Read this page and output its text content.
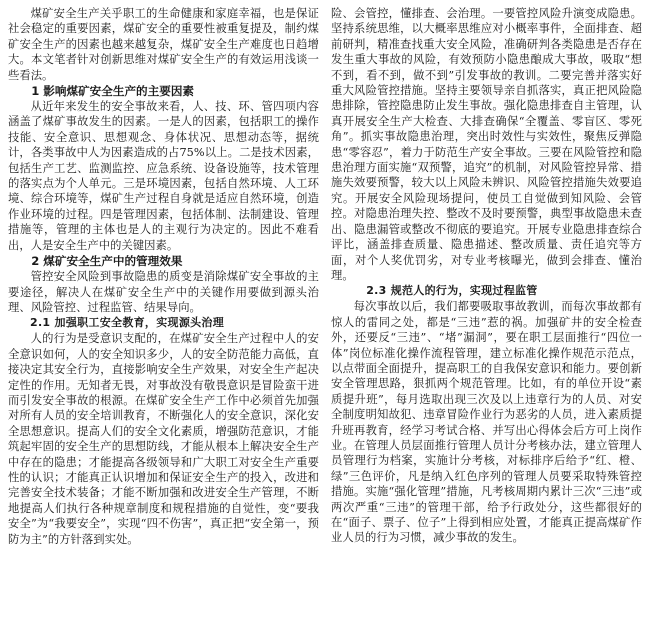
煤矿安全生产关乎职工的生命健康和家庭幸福，也是保证社会稳定的重要因素，煤矿安全的重要性被重复提及，制约煤矿安全生产的因素也越来越复杂，煤矿安全生产难度也日趋增大。本文笔者针对创新思维对煤矿安全生产的有效运用浅谈一些看法。

1 影响煤矿安全生产的主要因素

从近年来发生的安全事故来看，人、技、环、管四项内容涵盖了煤矿事故发生的因素。一是人的因素，包括职工的操作技能、安全意识、思想观念、身体状况、思想动态等，据统计，各类事故中人为因素造成的占75%以上。二是技术因素，包括生产工艺、监测监控、应急系统、设备设施等，技术管理的落实点为个人单元。三是环境因素，包括自然环境、人工环境、综合环境等，煤矿生产过程自身就是适应自然环境，创造作业环境的过程。四是管理因素，包括体制、法制建设、管理措施等，管理的主体也是人的主观行为决定的。因此不难看出，人是安全生产中的关键因素。

2 煤矿安全生产中的管理效果

管控安全风险到事故隐患的质变是消除煤矿安全事故的主要途径，解决人在煤矿安全生产中的关键作用要做到源头治理、风险管控、过程监管、结果导向。

2.1 加强职工安全教育，实现源头治理

人的行为是受意识支配的，在煤矿安全生产过程中人的安全意识如何，人的安全知识多少，人的安全防范能力高低，直接决定其安全行为，直接影响安全生产效果，对安全生产起决定性的作用。无知者无畏，对事故没有敬畏意识是冒险蛮干进而引发安全事故的根源。在煤矿安全生产工作中必须首先加强对所有人员的安全培训教育，不断强化人的安全意识，深化安全思想意识。提高人们的安全文化素质，增强防范意识，才能筑起牢固的安全生产的思想防线，才能从根本上解决安全生产中存在的隐患；才能提高各级领导和广大职工对安全生产重要性的认识；才能真正认识增加和保证安全生产的投入，改进和完善安全技术装备；才能不断加强和改进安全生产管理，不断地提高人们执行各种规章制度和规程措施的自觉性，变“要我安全”为“我要安全”，实现“四不伤害”，真正把“安全第一，预防为主”的方针落到实处。

险、会管控，懂排查、会治理。一要管控风险升演变成隐患。坚持系统思维，以大概率思维应对小概率事件，全面排查、超前研判，精准查找重大安全风险，准确研判各类隐患是否存在发生重大事故的风险，有效预防小隐患酿成大事故，吸取“想不到，看不到，做不到”引发事故的教训。二要完善并落实好重大风险管控措施。坚持主要领导亲自抓落实，真正把风险隐患排除，管控隐患防止发生事故。强化隐患排查自主管理，认真开展安全生产大检查、大排查确保“全覆盖、零盲区、零死角”。抓实事故隐患治理，突出时效性与实效性，聚焦反弹隐患“零容忍”，着力于防范生产安全事故。三要在风险管控和隐患治理方面实施“双预警，追究”的机制，对风险管控异常、措施失效要预警，较大以上风险未辨识、风险管控措施失效要追究。开展安全风险现场提问，使员工自觉做到知风险、会管控。对隐患治理失控、整改不及时要预警，典型事故隐患未查出、隐患漏管或整改不彻底的要追究。开展专业隐患排查综合评比，涵盖排查质量、隐患描述、整改质量、责任追究等方面，对个人奖优罚劣，对专业考核曝光，做到会排查、懂治理。

2.3 规范人的行为，实现过程监管

每次事故以后，我们都要吸取事故教训，而每次事故都有惊人的雷同之处，都是“三违”惹的祸。加强矿井的安全检查外，还要反“三违”、“堵”漏洞”，要在职工层面推行“四位一体”岗位标准化操作流程管理，建立标准化操作规范示范点，以点带面全面提升，提高职工的自我保安意识和能力。要创新安全管理思路，狠抓两个规范管理。比如，有的单位开设“素质提升班”，每月选取出现三次及以上违章行为的人员、对安全制度明知故犯、违章冒险作业行为恶劣的人员，进入素质提升班再教育，经学习考试合格、并写出心得体会后方可上岗作业。在管理人员层面推行管理人员计分考核办法，建立管理人员管理行为档案，实施计分考核，对标排序后给予“红、橙、绿”三色评价，凡是纳入红色序列的管理人员要采取特殊管控措施。实施“强化管理”措施，凡考核周期内累计三次“三违”或两次严重“三违”的管理干部，给予行政处分，这些都很好的在“面子、票子、位子”上得到相应处置，才能真正提高煤矿作业人员的行为习惯，减少事故的发生。
